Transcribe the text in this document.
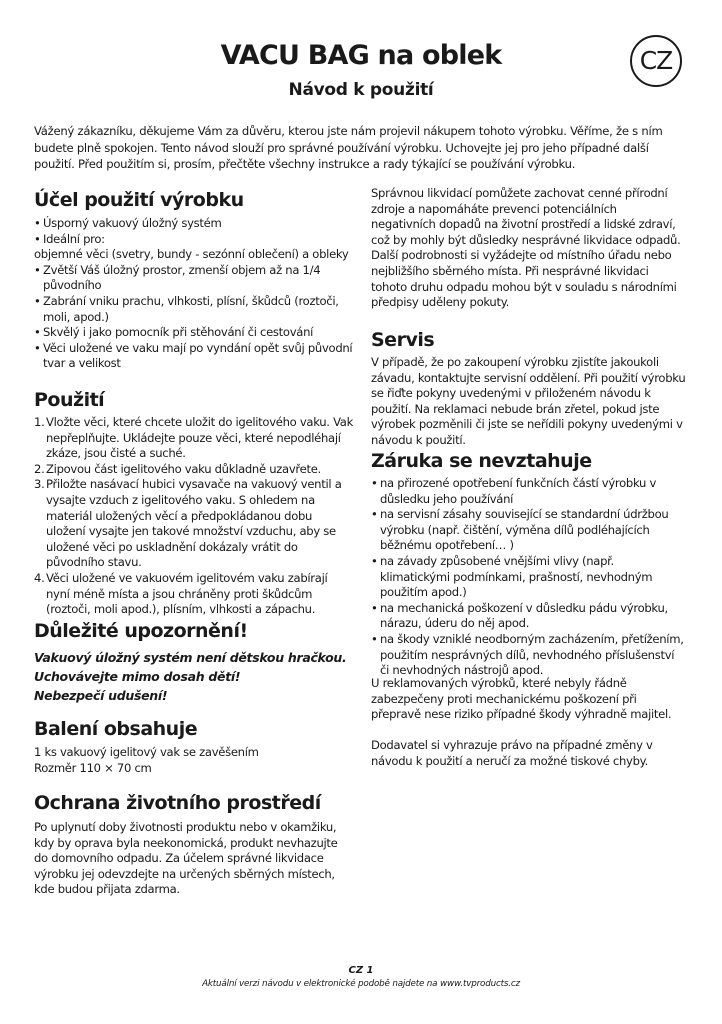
VACU BAG na oblek
Návod k použití
CZ

Vážený zákazníku, děkujeme Vám za důvěru, kterou jste nám projevil nákupem tohoto výrobku. Věříme, že s ním budete plně spokojen. Tento návod slouží pro správné používání výrobku. Uchovejte jej pro jeho případné další použití. Před použitím si, prosím, přečtěte všechny instrukce a rady týkající se používání výrobku.

Účel použití výrobku
• Úsporný vakuový úložný systém
• Ideální pro:
objemné věci (svetry, bundy - sezónní oblečení) a obleky
• Zvětší Váš úložný prostor, zmenší objem až na 1/4 původního
• Zabrání vniku prachu, vlhkosti, plísní, škůdců (roztoči, moli, apod.)
• Skvělý i jako pomocník při stěhování či cestování
• Věci uložené ve vaku mají po vyndání opět svůj původní tvar a velikost
Použití
1. Vložte věci, které chcete uložit do igelitového vaku. Vak nepřeplňujte. Ukládejte pouze věci, které nepodléhají zkáze, jsou čisté a suché.
2. Zipovou část igelitového vaku důkladně uzavřete.
3. Přiložte nasávací hubici vysavače na vakuový ventil a vysajte vzduch z igelitového vaku. S ohledem na materiál uložených věcí a předpokládanou dobu uložení vysajte jen takové množství vzduchu, aby se uložené věci po uskladnění dokázaly vrátit do původního stavu.
4. Věci uložené ve vakuovém igelitovém vaku zabírají nyní méně místa a jsou chráněny proti škůdcům (roztoči, moli apod.), plísním, vlhkosti a zápachu.
Důležité upozornění!

Vakuový úložný systém není dětskou hračkou.

Uchovávejte mimo dosah dětí!

Nebezpečí udušení!

Balení obsahuje

1 ks vakuový igelitový vak se zavěšením

Rozměr 110 × 70 cm

Ochrana životního prostředí

Po uplynutí doby životnosti produktu nebo v okamžiku, kdy by oprava byla neekonomická, produkt nevhazujte do domovního odpadu. Za účelem správné likvidace výrobku jej odevzdejte na určených sběrných místech, kde budou přijata zdarma.

Správnou likvidací pomůžete zachovat cenné přírodní zdroje a napomáháte prevenci potenciálních negativních dopadů na životní prostředí a lidské zdraví, což by mohly být důsledky nesprávné likvidace odpadů. Další podrobnosti si vyžádejte od místního úřadu nebo nejbližšího sběrného místa. Při nesprávné likvidaci tohoto druhu odpadu mohou být v souladu s národními předpisy uděleny pokuty.

Servis

V případě, že po zakoupení výrobku zjistíte jakoukoli závadu, kontaktujte servisní oddělení. Při použití výrobku se řiďte pokyny uvedenými v přiloženém návodu k použití. Na reklamaci nebude brán zřetel, pokud jste výrobek pozměnili či jste se neřídili pokyny uvedenými v návodu k použití.

Záruka se nevztahuje
• na přirozené opotřebení funkčních částí výrobku v důsledku jeho používání
• na servisní zásahy související se standardní údržbou výrobku (např. čištění, výměna dílů podléhajících běžnému opotřebení… )
• na závady způsobené vnějšími vlivy (např. klimatickými podmínkami, prašností, nevhodným použitím apod.)
• na mechanická poškození v důsledku pádu výrobku, nárazu, úderu do něj apod.
• na škody vzniklé neodborným zacházením, přetížením, použitím nesprávných dílů, nevhodného příslušenství či nevhodných nástrojů apod.

U reklamovaných výrobků, které nebyly řádně zabezpečeny proti mechanickému poškození při přepravě nese riziko případné škody výhradně majitel.

Dodavatel si vyhrazuje právo na případné změny v návodu k použití a neručí za možné tiskové chyby.

CZ 1
Aktuální verzi návodu v elektronické podobě najdete na www.tvproducts.cz
